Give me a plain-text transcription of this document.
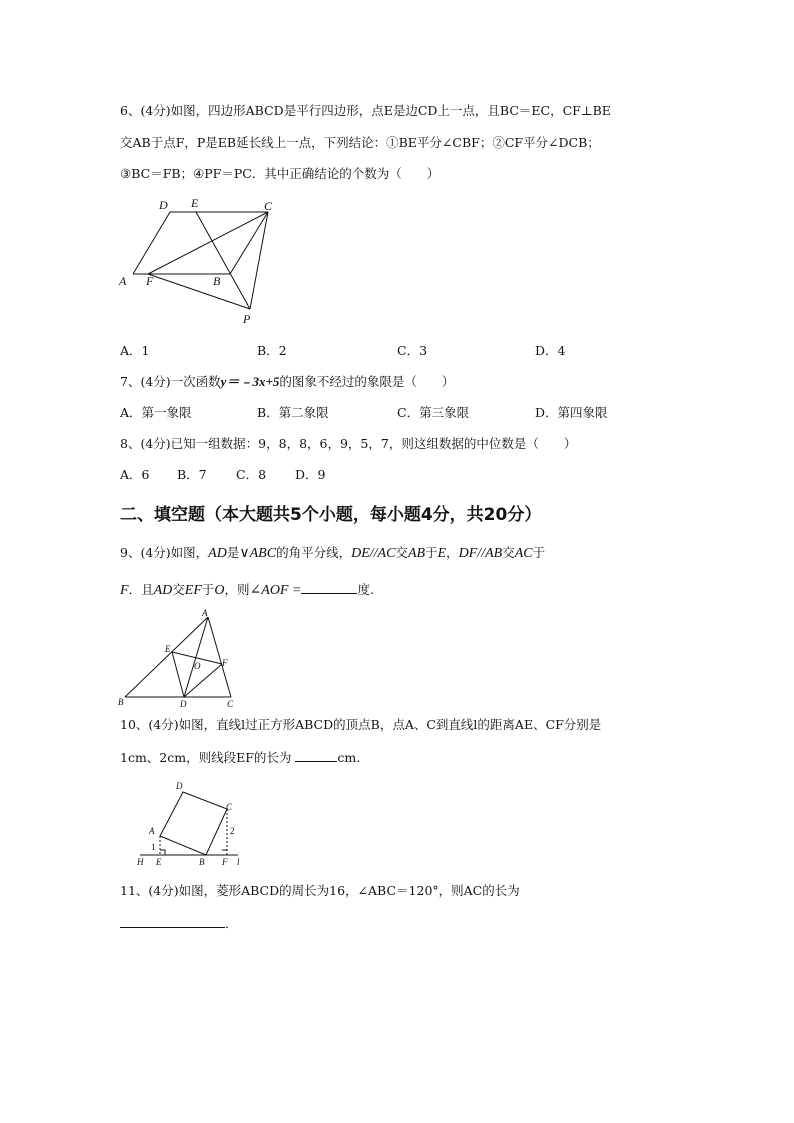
6、(4分)如图，四边形ABCD是平行四边形，点E是边CD上一点，且BC＝EC，CF⊥BE
交AB于点F，P是EB延长线上一点，下列结论：①BE平分∠CBF；②CF平分∠DCB；
③BC＝FB；④PF＝PC．其中正确结论的个数为（　　）
D E	C
A F	B
P
A．1	B．2	C．3	D．4
7、(4分)一次函数y＝﹣3x+5的图象不经过的象限是（　　）
A．第一象限	B．第二象限	C．第三象限	D．第四象限
8、(4分)已知一组数据：9，8，8，6，9，5，7，则这组数据的中位数是（　　）
A．6 B．7 C．8 D．9
二、填空题（本大题共5个小题，每小题4分，共20分）
9、(4分)如图，AD是∨ABC的角平分线，DE//AC交AB于E，DF//AB交AC于
F．且AD交EF于O，则∠AOF =	度.
A
E
O F
B	D	C
10、(4分)如图，直线l过正方形ABCD的顶点B，点A、C到直线l的距离AE、CF分别是
1cm、2cm，则线段EF的长为	cm.
D
C
A
1
2
H E	B F l
11、(4分)如图，菱形ABCD的周长为16，∠ABC＝120°，则AC的长为
．
